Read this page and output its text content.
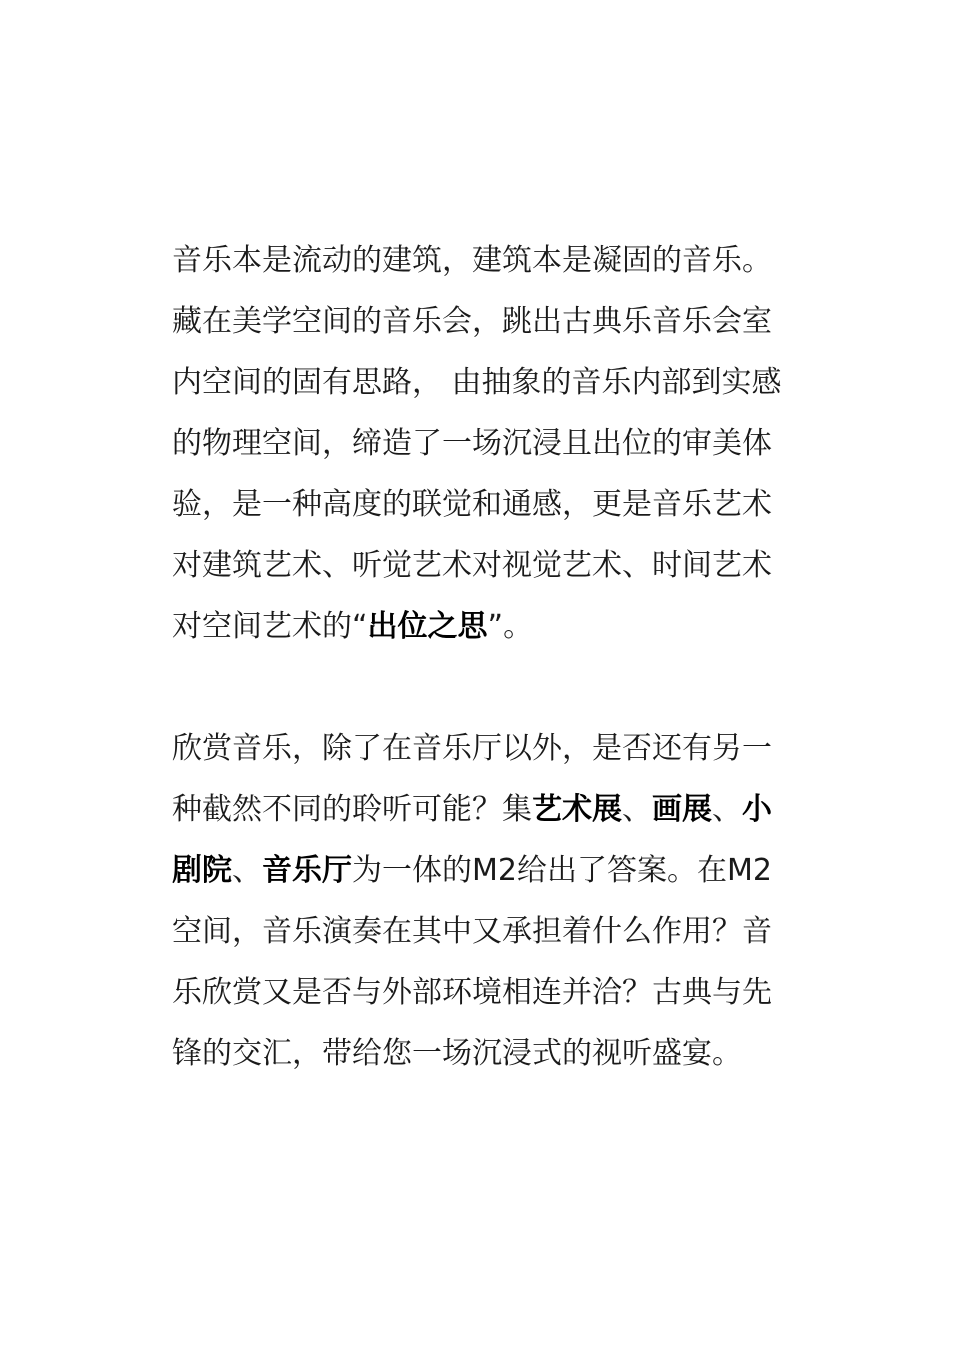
音乐本是流动的建筑，建筑本是凝固的音乐。
藏在美学空间的音乐会，跳出古典乐音乐会室
内空间的固有思路， 由抽象的音乐内部到实感
的物理空间，缔造了一场沉浸且出位的审美体
验，是一种高度的联觉和通感，更是音乐艺术
对建筑艺术、听觉艺术对视觉艺术、时间艺术
对空间艺术的“出位之思”。

欣赏音乐，除了在音乐厅以外，是否还有另一
种截然不同的聆听可能？集艺术展、画展、小
剧院、音乐厅为一体的M2给出了答案。在M2
空间，音乐演奏在其中又承担着什么作用？音
乐欣赏又是否与外部环境相连并洽？古典与先
锋的交汇，带给您一场沉浸式的视听盛宴。
